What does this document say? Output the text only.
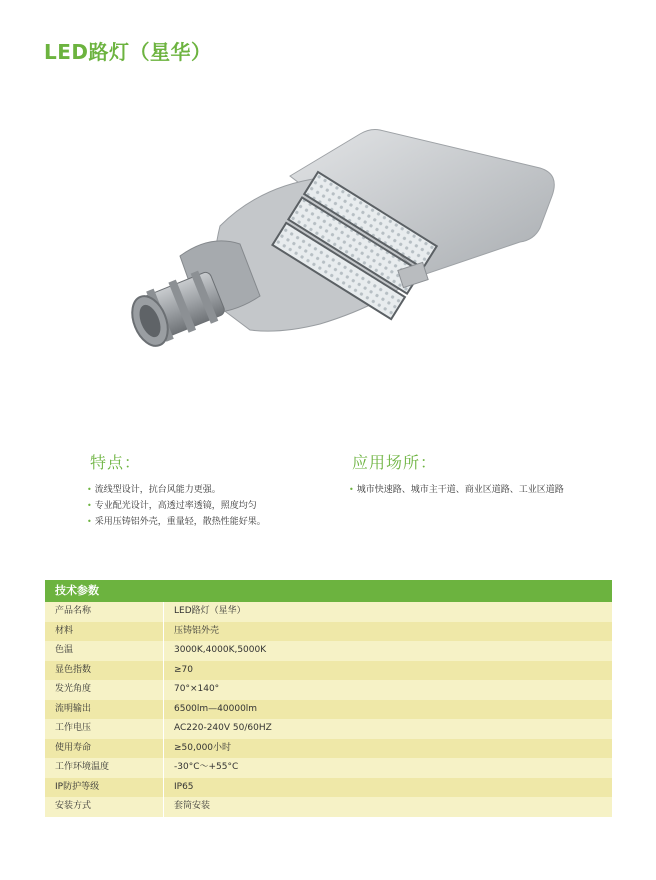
LED路灯（星华）
特点：
• 流线型设计，抗台风能力更强。
• 专业配光设计，高透过率透镜，照度均匀
• 采用压铸铝外壳，重量轻，散热性能好果。
应用场所：
• 城市快速路、城市主干道、商业区道路、工业区道路
技术参数
产品名称	LED路灯（星华）
材料	压铸铝外壳
色温	3000K,4000K,5000K
显色指数	≥70
发光角度	70°×140°
流明输出	6500lm—40000lm
工作电压	AC220-240V 50/60HZ
使用寿命	≥50,000小时
工作环境温度	-30°C～+55°C
IP防护等级	IP65
安装方式	套筒安装
